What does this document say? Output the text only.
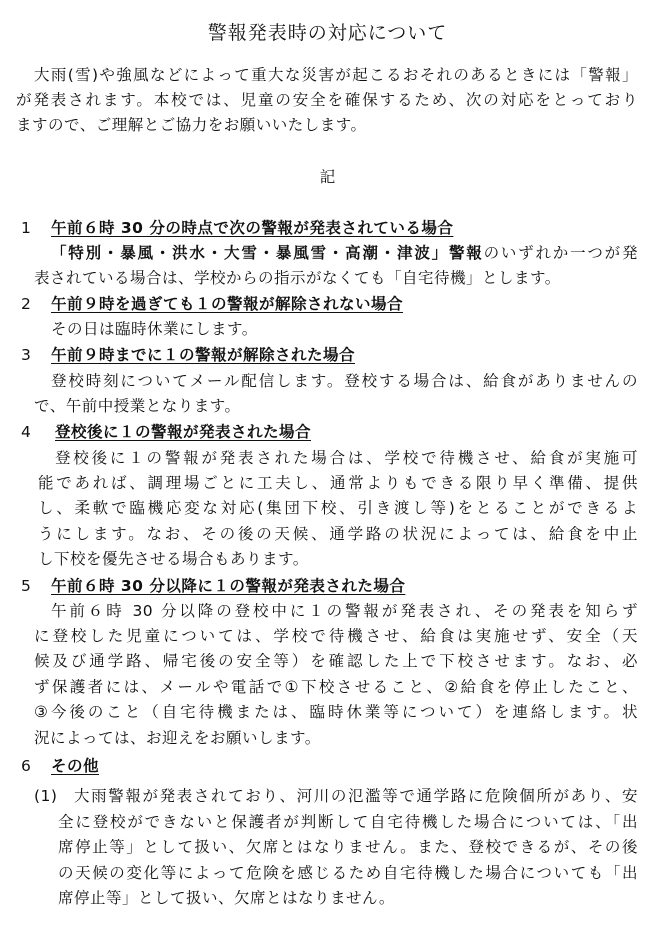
警報発表時の対応について
大雨(雪)や強風などによって重大な災害が起こるおそれのあるときには「警報」
が発表されます。本校では、児童の安全を確保するため、次の対応をとっており
ますので、ご理解とご協力をお願いいたします。
記
1 午前６時 30 分の時点で次の警報が発表されている場合
「特別・暴風・洪水・大雪・暴風雪・高潮・津波」警報のいずれか一つが発
表されている場合は、学校からの指示がなくても「自宅待機」とします。
2 午前９時を過ぎても１の警報が解除されない場合
その日は臨時休業にします。
3 午前９時までに１の警報が解除された場合
登校時刻についてメール配信します。登校する場合は、給食がありませんの
で、午前中授業となります。
4 登校後に１の警報が発表された場合
登校後に１の警報が発表された場合は、学校で待機させ、給食が実施可
能であれば、調理場ごとに工夫し、通常よりもできる限り早く準備、提供
し、柔軟で臨機応変な対応(集団下校、引き渡し等)をとることができるよ
うにします。なお、その後の天候、通学路の状況によっては、給食を中止
し下校を優先させる場合もあります。
5 午前６時 30 分以降に１の警報が発表された場合
午前６時 30 分以降の登校中に１の警報が発表され、その発表を知らず
に登校した児童については、学校で待機させ、給食は実施せず、安全（天
候及び通学路、帰宅後の安全等）を確認した上で下校させます。なお、必
ず保護者には、メールや電話で①下校させること、②給食を停止したこと、
③今後のこと（自宅待機または、臨時休業等について）を連絡します。状
況によっては、お迎えをお願いします。
6 その他
(1) 大雨警報が発表されており、河川の氾濫等で通学路に危険個所があり、安
全に登校ができないと保護者が判断して自宅待機した場合については、「出
席停止等」として扱い、欠席とはなりません。また、登校できるが、その後
の天候の変化等によって危険を感じるため自宅待機した場合についても「出
席停止等」として扱い、欠席とはなりません。
